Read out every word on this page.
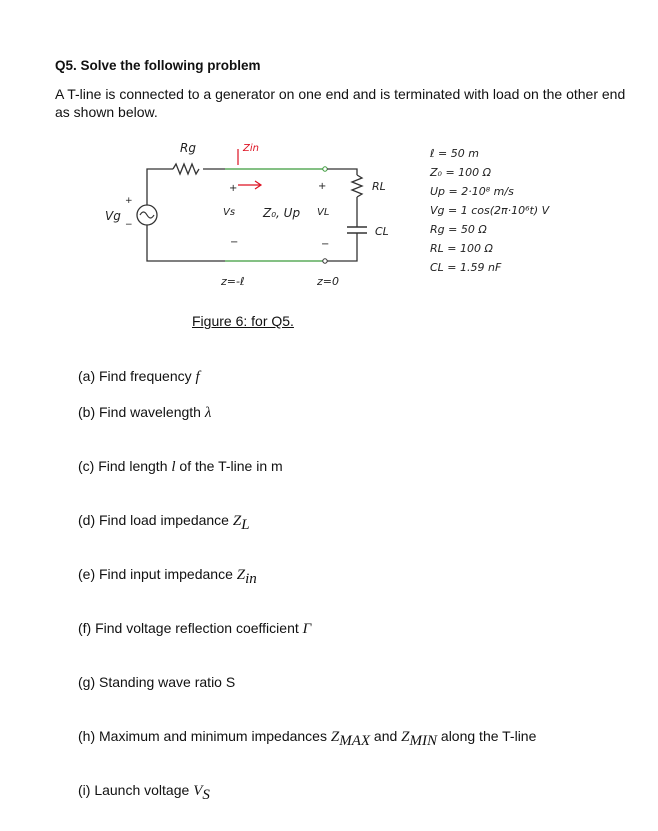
Q5. Solve the following problem
A T-line is connected to a generator on one end and is terminated with load on the other end as shown below.
Vg
+
−
Rg	Zin
+
Vs
−
Z₀, Up
+
VL
−
RL
CL
z=-ℓ	z=0
ℓ = 50 m
Z₀ = 100 Ω
Up = 2·10⁸ m/s
Vg = 1 cos(2π·10⁶t) V
Rg = 50 Ω
RL = 100 Ω
CL = 1.59 nF
Figure 6: for Q5.
(a) Find frequency f
(b) Find wavelength λ
(c) Find length l of the T-line in m
(d) Find load impedance $Z_L$
(e) Find input impedance $Z_{in}$
(f) Find voltage reflection coefficient Γ
(g) Standing wave ratio S
(h) Maximum and minimum impedances $Z_{MAX}$ and $Z_{MIN}$ along the T-line
(i) Launch voltage $V_S$
